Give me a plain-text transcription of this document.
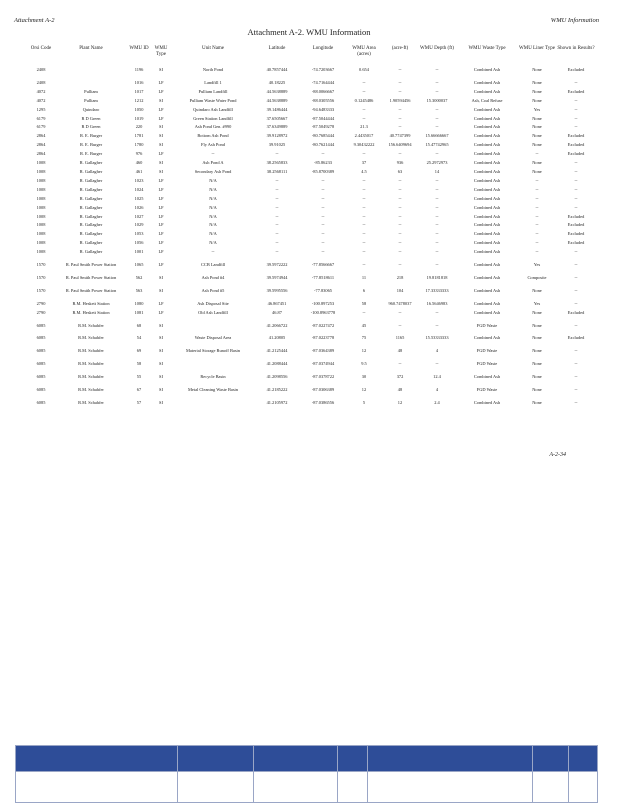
Attachment A-2	WMU Information
Attachment A-2. WMU Information
Orsi Code	Plant Name	WMU ID	WMU Type	Unit Name	Latitude	Longitude	WMU Area (acres)	(acre-ft)	WMU Depth (ft)	WMU Waste Type	WMU Liner Type	Shown in Results?
2408		1196	SI	North Pond	40.7857444	-74.7203667	0.654	--	--	Combined Ash	None	Excluded
2408		1016	LF	Landfill 1	40.18225	-74.7164444	--	--	--	Combined Ash	None	--
4072	Pulliam	1017	LF	Pulliam Landfill	44.5638889	-88.0066667	--	--	--	Combined Ash	None	Excluded
4072	Pulliam	1212	SI	Pulliam Waste Water Pond	44.5638889	-88.0305556	0.1245486	1.90594456	15.3000037	Ash, Coal Refuse	None	--
1295	Quindaro	1050	LF	Quindaro Ash Landfill	39.1486444	-94.6483333	--	--	--	Combined Ash	Yes	--
6179	R D Green	1019	LF	Green Station Landfill	37.6505667	-87.5044444	--	--	--	Combined Ash	None	--
6179	R D Green	220	SI	Ash Pond Gen. #990	37.6349889	-87.5049278	21.3	--	--	Combined Ash	None	--
2864	R. E. Burger	1781	SI	Bottom Ash Pond	39.9128972	-80.7685444	2.4435017	40.7747399	15.66666667	Combined Ash	None	Excluded
2864	R. E. Burger	1780	SI	Fly Ash Pond	39.91025	-80.7621444	9.30432222	156.6409694	15.47742965	Combined Ash	None	Excluded
2864	R. E. Burger	976	LF	--	--	--	--	--	--	Combined Ash	--	Excluded
1008	R. Gallagher	460	SI	Ash Pond A	38.2565833	-85.86233	37	936	25.2972973	Combined Ash	None	--
1008	R. Gallagher	461	SI	Secondary Ash Pond	38.2568111	-85.8700389	4.5	63	14	Combined Ash	None	--
1008	R. Gallagher	1023	LF	N/A	--	--	--	--	--	Combined Ash	--	--
1008	R. Gallagher	1024	LF	N/A	--	--	--	--	--	Combined Ash	--	--
1008	R. Gallagher	1025	LF	N/A	--	--	--	--	--	Combined Ash	--	--
1008	R. Gallagher	1026	LF	N/A	--	--	--	--	--	Combined Ash	--	--
1008	R. Gallagher	1027	LF	N/A	--	--	--	--	--	Combined Ash	--	Excluded
1008	R. Gallagher	1029	LF	N/A	--	--	--	--	--	Combined Ash	--	Excluded
1008	R. Gallagher	1053	LF	N/A	--	--	--	--	--	Combined Ash	--	Excluded
1008	R. Gallagher	1056	LF	N/A	--	--	--	--	--	Combined Ash	--	Excluded
1008	R. Gallagher	1001	LF	--	--	--	--	--	--	Combined Ash	--	--
1570	R. Paul Smith Power Station	1065	LF	CCB Landfill	39.5972222	-77.8566667	--	--	--	Combined Ash	Yes	--
1570	R. Paul Smith Power Station	562	SI	Ash Pond #4	39.5974944	-77.8518611	11	218	19.8181818	Combined Ash	Composite	--
1570	R. Paul Smith Power Station	563	SI	Ash Pond #5	39.5995556	-77.83065	6	104	17.33333333	Combined Ash	None	--
2790	R.M. Heskett Station	1080	LF	Ash Disposal Site	46.867451	-100.897253	58	960.7478037	16.5646983	Combined Ash	Yes	--
2790	R.M. Heskett Station	1081	LF	Old Ash Landfill	46.87	-100.8963778	--	--	--	Combined Ash	None	Excluded
6085	R.M. Schahfer	68	SI		41.2066722	-87.0227472	45	--	--	FGD Waste	None	--
6085	R.M. Schahfer	54	SI	Waste Disposal Area	41.20805	-87.0223778	75	1165	15.53333333	Combined Ash	None	Excluded
6085	R.M. Schahfer	69	SI	Material Storage Runoff Basin	41.2125444	-87.0364389	12	48	4	FGD Waste	None	--
6085	R.M. Schahfer	58	SI		41.2088444	-87.0374944	9.5	--	--	FGD Waste	None	--
6085	R.M. Schahfer	55	SI	Recycle Basin	41.2098556	-87.0378722	30	372	12.4	Combined Ash	None	--
6085	R.M. Schahfer	67	SI	Metal Cleaning Waste Basin	41.2185222	-87.0306389	12	48	4	FGD Waste	None	--
6085	R.M. Schahfer	57	SI		41.2105972	-87.0386556	5	12	2.4	Combined Ash	None	--
A-2-34
